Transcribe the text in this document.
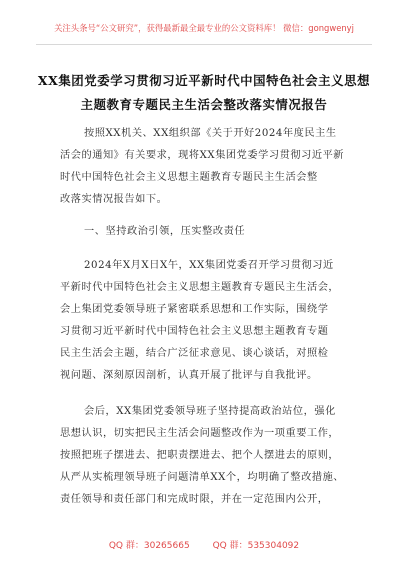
关注头条号“公文研究”，获得最新最全最专业的公文资料库！ 微信：gongwenyj
XX集团党委学习贯彻习近平新时代中国特色社会主义思想
主题教育专题民主生活会整改落实情况报告
按照XX机关、XX组织部《关于开好2024年度民主生
活会的通知》有关要求，现将XX集团党委学习贯彻习近平新
时代中国特色社会主义思想主题教育专题民主生活会整
改落实情况报告如下。
一、坚持政治引领，压实整改责任
2024年X月X日X午，XX集团党委召开学习贯彻习近
平新时代中国特色社会主义思想主题教育专题民主生活会，
会上集团党委领导班子紧密联系思想和工作实际，围绕学
习贯彻习近平新时代中国特色社会主义思想主题教育专题
民主生活会主题，结合广泛征求意见、谈心谈话，对照检
视问题、深刻原因剖析，认真开展了批评与自我批评。
会后，XX集团党委领导班子坚持提高政治站位，强化
思想认识，切实把民主生活会问题整改作为一项重要工作，
按照把班子摆进去、把职责摆进去、把个人摆进去的原则，
从严从实梳理领导班子问题清单XX个，均明确了整改措施、
责任领导和责任部门和完成时限，并在一定范围内公开，
QQ 群：30265665	QQ 群：535304092
